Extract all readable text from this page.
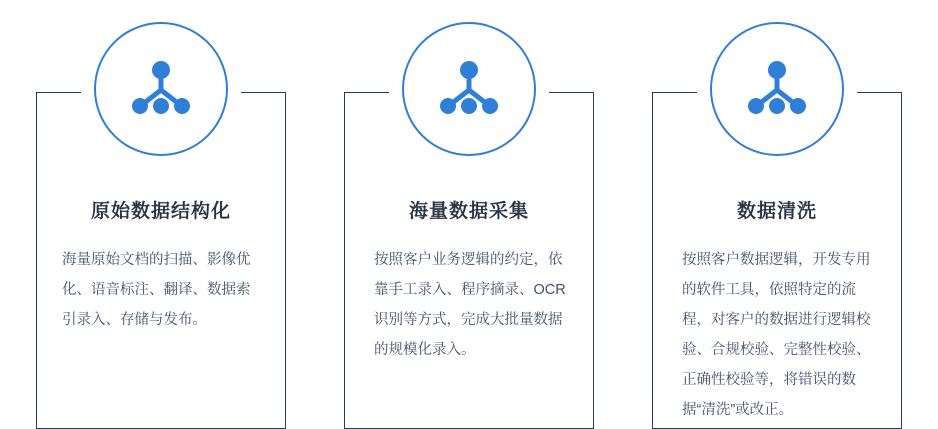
原始数据结构化
海量原始文档的扫描、影像优化、语音标注、翻译、数据索引录入、存储与发布。
海量数据采集
按照客户业务逻辑的约定，依靠手工录入、程序摘录、OCR识别等方式，完成大批量数据的规模化录入。
数据清洗
按照客户数据逻辑，开发专用的软件工具，依照特定的流程，对客户的数据进行逻辑校验、合规校验、完整性校验、正确性校验等，将错误的数据“清洗”或改正。
